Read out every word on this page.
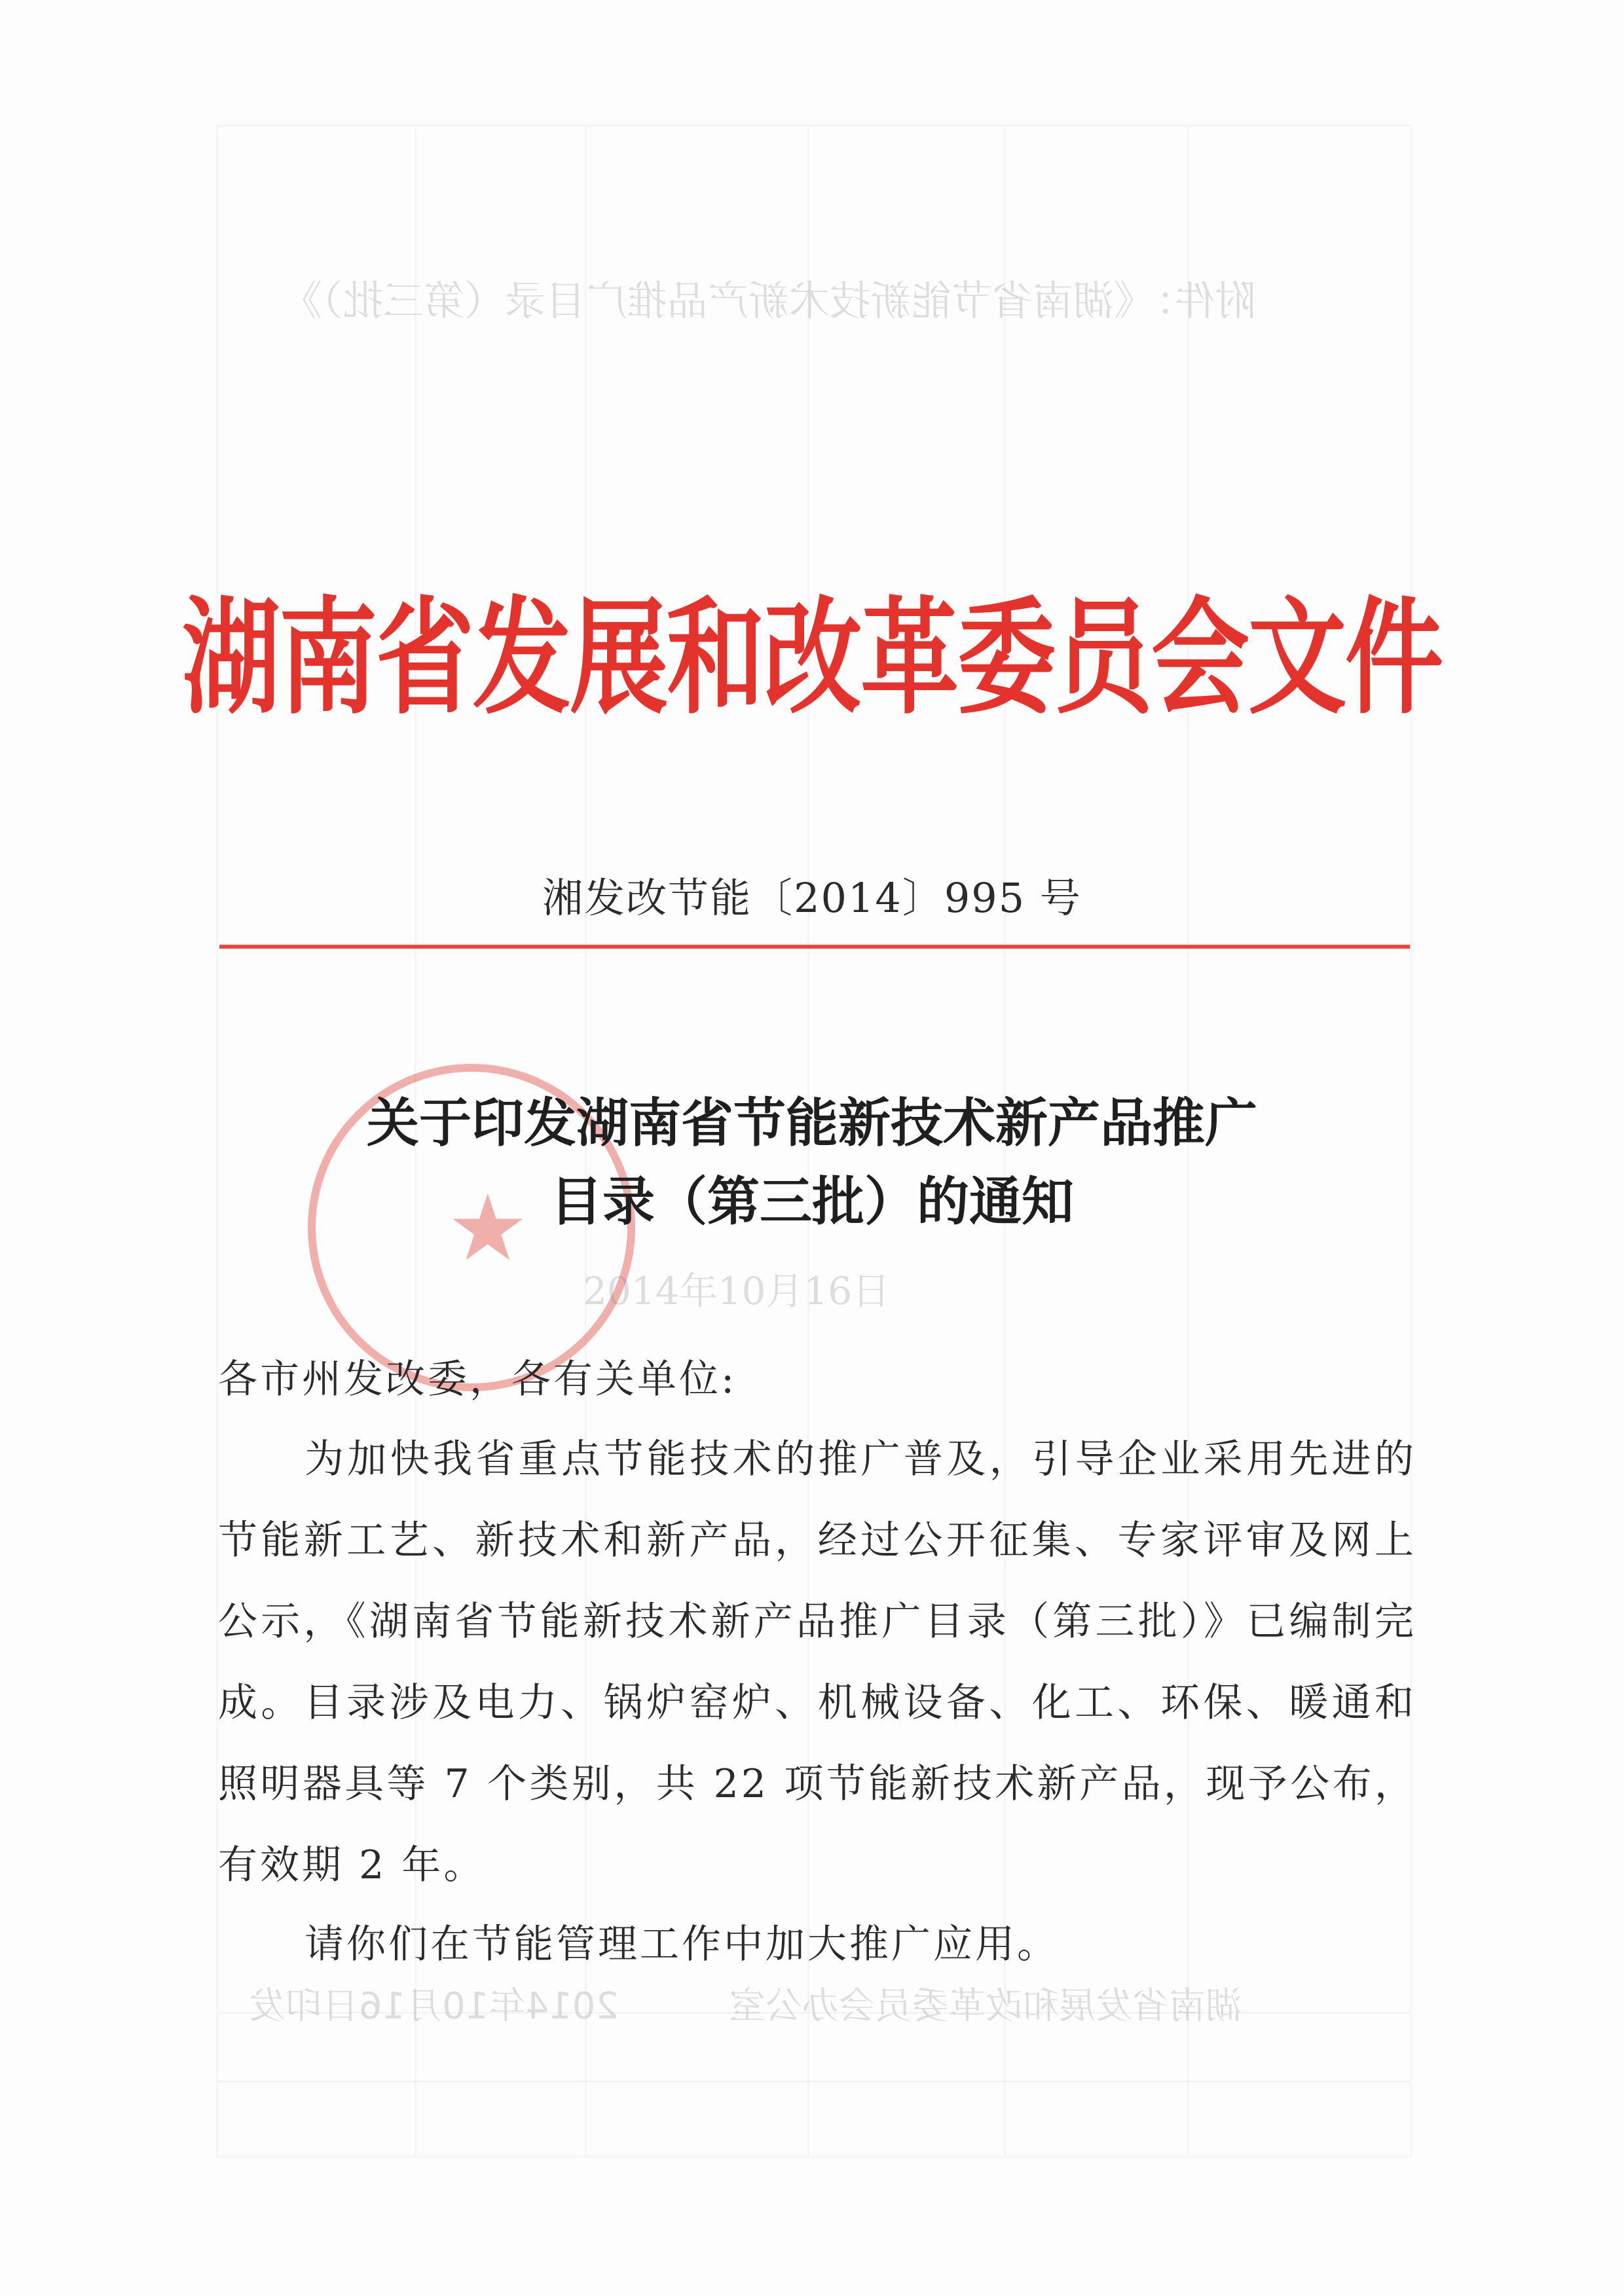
附件：《湖南省节能新技术新产品推广目录（第三批）》
湖南省发展和改革委员会办公室　　　2014年10月16日印发
湖南省发展和改革委员会文件
湘发改节能〔2014〕995 号
★
2014年10月16日
关于印发湖南省节能新技术新产品推广
目录（第三批）的通知
各市州发改委，各有关单位:
为加快我省重点节能技术的推广普及，引导企业采用先进的节能新工艺、新技术和新产品，经过公开征集、专家评审及网上公示，《湖南省节能新技术新产品推广目录（第三批）》已编制完成。目录涉及电力、锅炉窑炉、机械设备、化工、环保、暖通和照明器具等 7 个类别，共 22 项节能新技术新产品，现予公布，有效期 2 年。
请你们在节能管理工作中加大推广应用。
